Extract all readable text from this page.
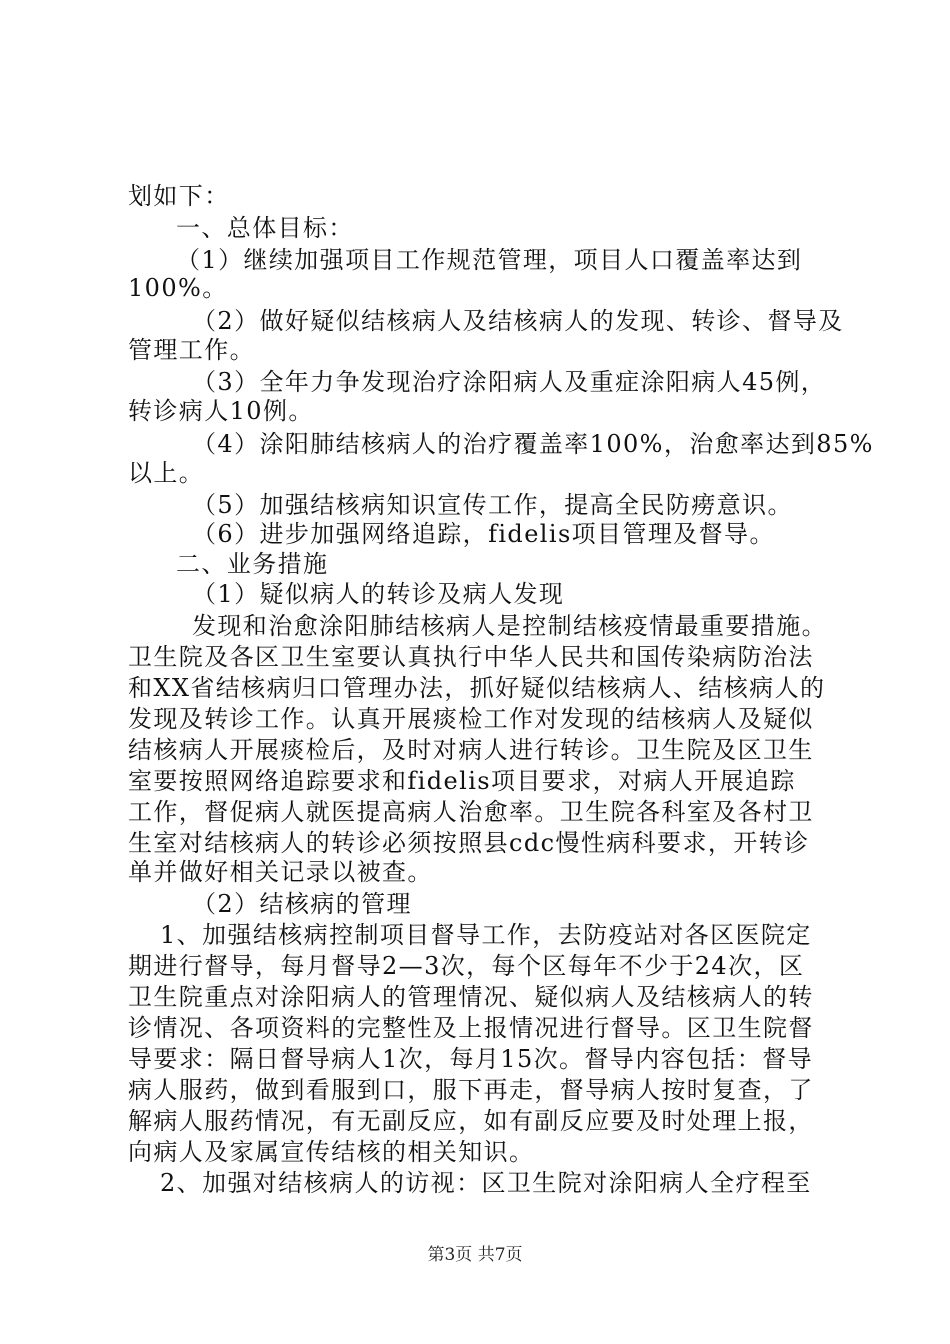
划如下：
一、总体目标：
（1）继续加强项目工作规范管理，项目人口覆盖率达到
100%。
（2）做好疑似结核病人及结核病人的发现、转诊、督导及
管理工作。
（3）全年力争发现治疗涂阳病人及重症涂阳病人45例，
转诊病人10例。
（4）涂阳肺结核病人的治疗覆盖率100%，治愈率达到85%
以上。
（5）加强结核病知识宣传工作，提高全民防痨意识。
（6）进步加强网络追踪，fidelis项目管理及督导。
二、业务措施
（1）疑似病人的转诊及病人发现
发现和治愈涂阳肺结核病人是控制结核疫情最重要措施。
卫生院及各区卫生室要认真执行中华人民共和国传染病防治法
和XX省结核病归口管理办法，抓好疑似结核病人、结核病人的
发现及转诊工作。认真开展痰检工作对发现的结核病人及疑似
结核病人开展痰检后，及时对病人进行转诊。卫生院及区卫生
室要按照网络追踪要求和fidelis项目要求，对病人开展追踪
工作，督促病人就医提高病人治愈率。卫生院各科室及各村卫
生室对结核病人的转诊必须按照县cdc慢性病科要求，开转诊
单并做好相关记录以被查。
（2）结核病的管理
1、加强结核病控制项目督导工作，去防疫站对各区医院定
期进行督导，每月督导2—3次，每个区每年不少于24次，区
卫生院重点对涂阳病人的管理情况、疑似病人及结核病人的转
诊情况、各项资料的完整性及上报情况进行督导。区卫生院督
导要求：隔日督导病人1次，每月15次。督导内容包括：督导
病人服药，做到看服到口，服下再走，督导病人按时复查，了
解病人服药情况，有无副反应，如有副反应要及时处理上报，
向病人及家属宣传结核的相关知识。
2、加强对结核病人的访视：区卫生院对涂阳病人全疗程至
第3页 共7页
